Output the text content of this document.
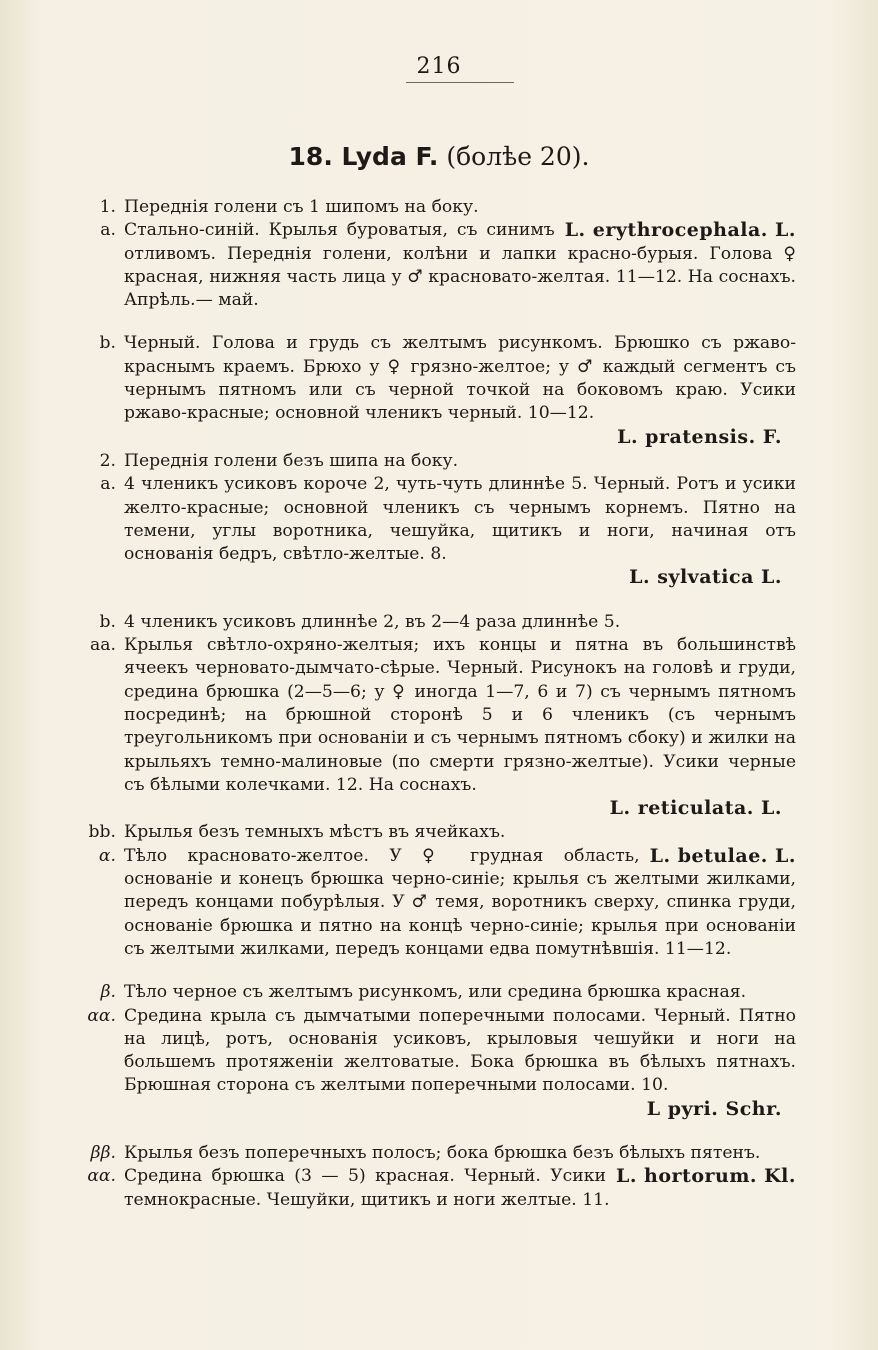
216
18. Lyda F. (болѣе 20).
1. Переднія голени съ 1 шипомъ на боку.
a.	L. erythrocephala. L.
Стально-синій. Крылья буроватыя, съ синимъ отливомъ. Переднія голени, колѣни и лапки красно-бурыя. Голова ♀ красная, нижняя часть лица у ♂ красновато-желтая. 11—12. На соснахъ. Апрѣль.— май.
b. Черный. Голова и грудь съ желтымъ рисункомъ. Брюшко съ ржаво-краснымъ краемъ. Брюхо у ♀ грязно-желтое; у ♂ каждый сегментъ съ чернымъ пятномъ или съ черной точкой на боковомъ краю. Усики ржаво-красные; основной членикъ черный. 10—12.
L. pratensis. F.
2. Переднія голени безъ шипа на боку.
a. 4 членикъ усиковъ короче 2, чуть-чуть длиннѣе 5. Черный. Ротъ и усики желто-красные; основной членикъ съ чернымъ корнемъ. Пятно на темени, углы воротника, чешуйка, щитикъ и ноги, начиная отъ основанія бедръ, свѣтло-желтые. 8.
L. sylvatica L.
b. 4 членикъ усиковъ длиннѣе 2, въ 2—4 раза длиннѣе 5.
aa. Крылья свѣтло-охряно-желтыя; ихъ концы и пятна въ большинствѣ ячеекъ черновато-дымчато-сѣрые. Черный. Рисунокъ на головѣ и груди, средина брюшка (2—5—6; у ♀ иногда 1—7, 6 и 7) съ чернымъ пятномъ посрединѣ; на брюшной сторонѣ 5 и 6 членикъ (съ чернымъ треугольникомъ при основаніи и съ чернымъ пятномъ сбоку) и жилки на крыльяхъ темно-малиновые (по смерти грязно-желтые). Усики черные съ бѣлыми колечками. 12. На соснахъ.
L. reticulata. L.
bb. Крылья безъ темныхъ мѣстъ въ ячейкахъ.
α.	L. betulae. L.
Тѣло красновато-желтое. У ♀ грудная область, основаніе и конецъ брюшка черно-синіе; крылья съ желтыми жилками, передъ концами побурѣлыя. У ♂ темя, воротникъ сверху, спинка груди, основаніе брюшка и пятно на концѣ черно-синіе; крылья при основаніи съ желтыми жилками, передъ концами едва помутнѣвшія. 11—12.
β. Тѣло черное съ желтымъ рисункомъ, или средина брюшка красная.
αα. Средина крыла съ дымчатыми поперечными полосами. Черный. Пятно на лицѣ, ротъ, основанія усиковъ, крыловыя чешуйки и ноги на большемъ протяженіи желтоватые. Бока брюшка въ бѣлыхъ пятнахъ. Брюшная сторона съ желтыми поперечными полосами. 10.
L pyri. Schr.
ββ. Крылья безъ поперечныхъ полосъ; бока брюшка безъ бѣлыхъ пятенъ.
αα.	L. hortorum. Kl.
Средина брюшка (3 — 5) красная. Черный. Усики темнокрасные. Чешуйки, щитикъ и ноги желтые. 11.
